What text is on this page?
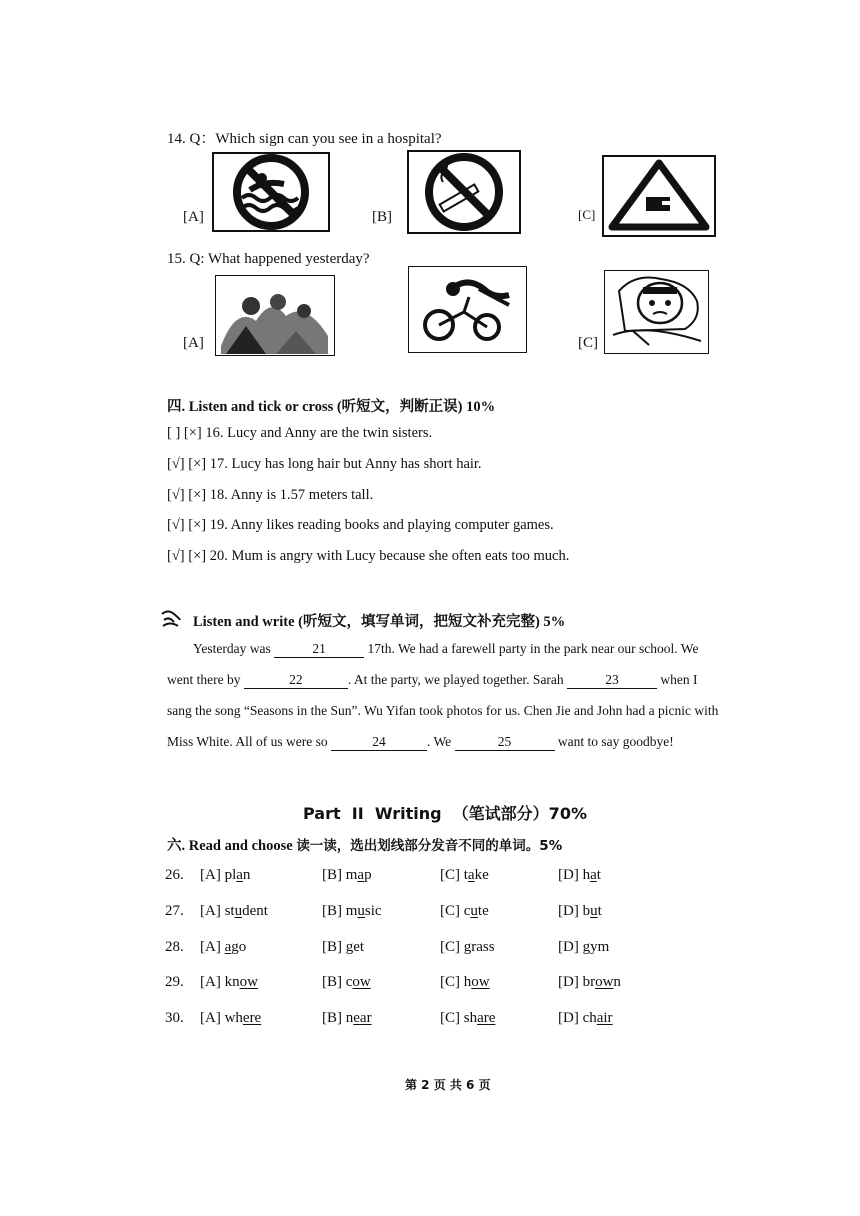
14. Q：Which sign can you see in a hospital?
[A]	[B]	[C]
15. Q: What happened yesterday?
[A]	[C]
四. Listen and tick or cross (听短文，判断正误) 10%
[ ] [×] 16. Lucy and Anny are the twin sisters.
[√] [×] 17. Lucy has long hair but Anny has short hair.
[√] [×] 18. Anny is 1.57 meters tall.
[√] [×] 19. Anny likes reading books and playing computer games.
[√] [×] 20. Mum is angry with Lucy because she often eats too much.
Listen and write (听短文，填写单词，把短文补充完整) 5%
Yesterday was	21	17th. We had a farewell party in the park near our school. We
went there by	22	. At the party, we played together. Sarah	23	when I
sang the song “Seasons in the Sun”. Wu Yifan took photos for us. Chen Jie and John had a picnic with
Miss White. All of us were so	24	. We	25	want to say goodbye!
Part  II  Writing  （笔试部分）70%
六. Read and choose 读一读，选出划线部分发音不同的单词。5%
26. [A] plan	[B] map	[C] take	[D] hat
27. [A] student	[B] music	[C] cute	[D] but
28. [A] ago	[B] get	[C] grass	[D] gym
29. [A] know	[B] cow	[C] how	[D] brown
30. [A] where	[B] near	[C] share	[D] chair
第 2 页 共 6 页
